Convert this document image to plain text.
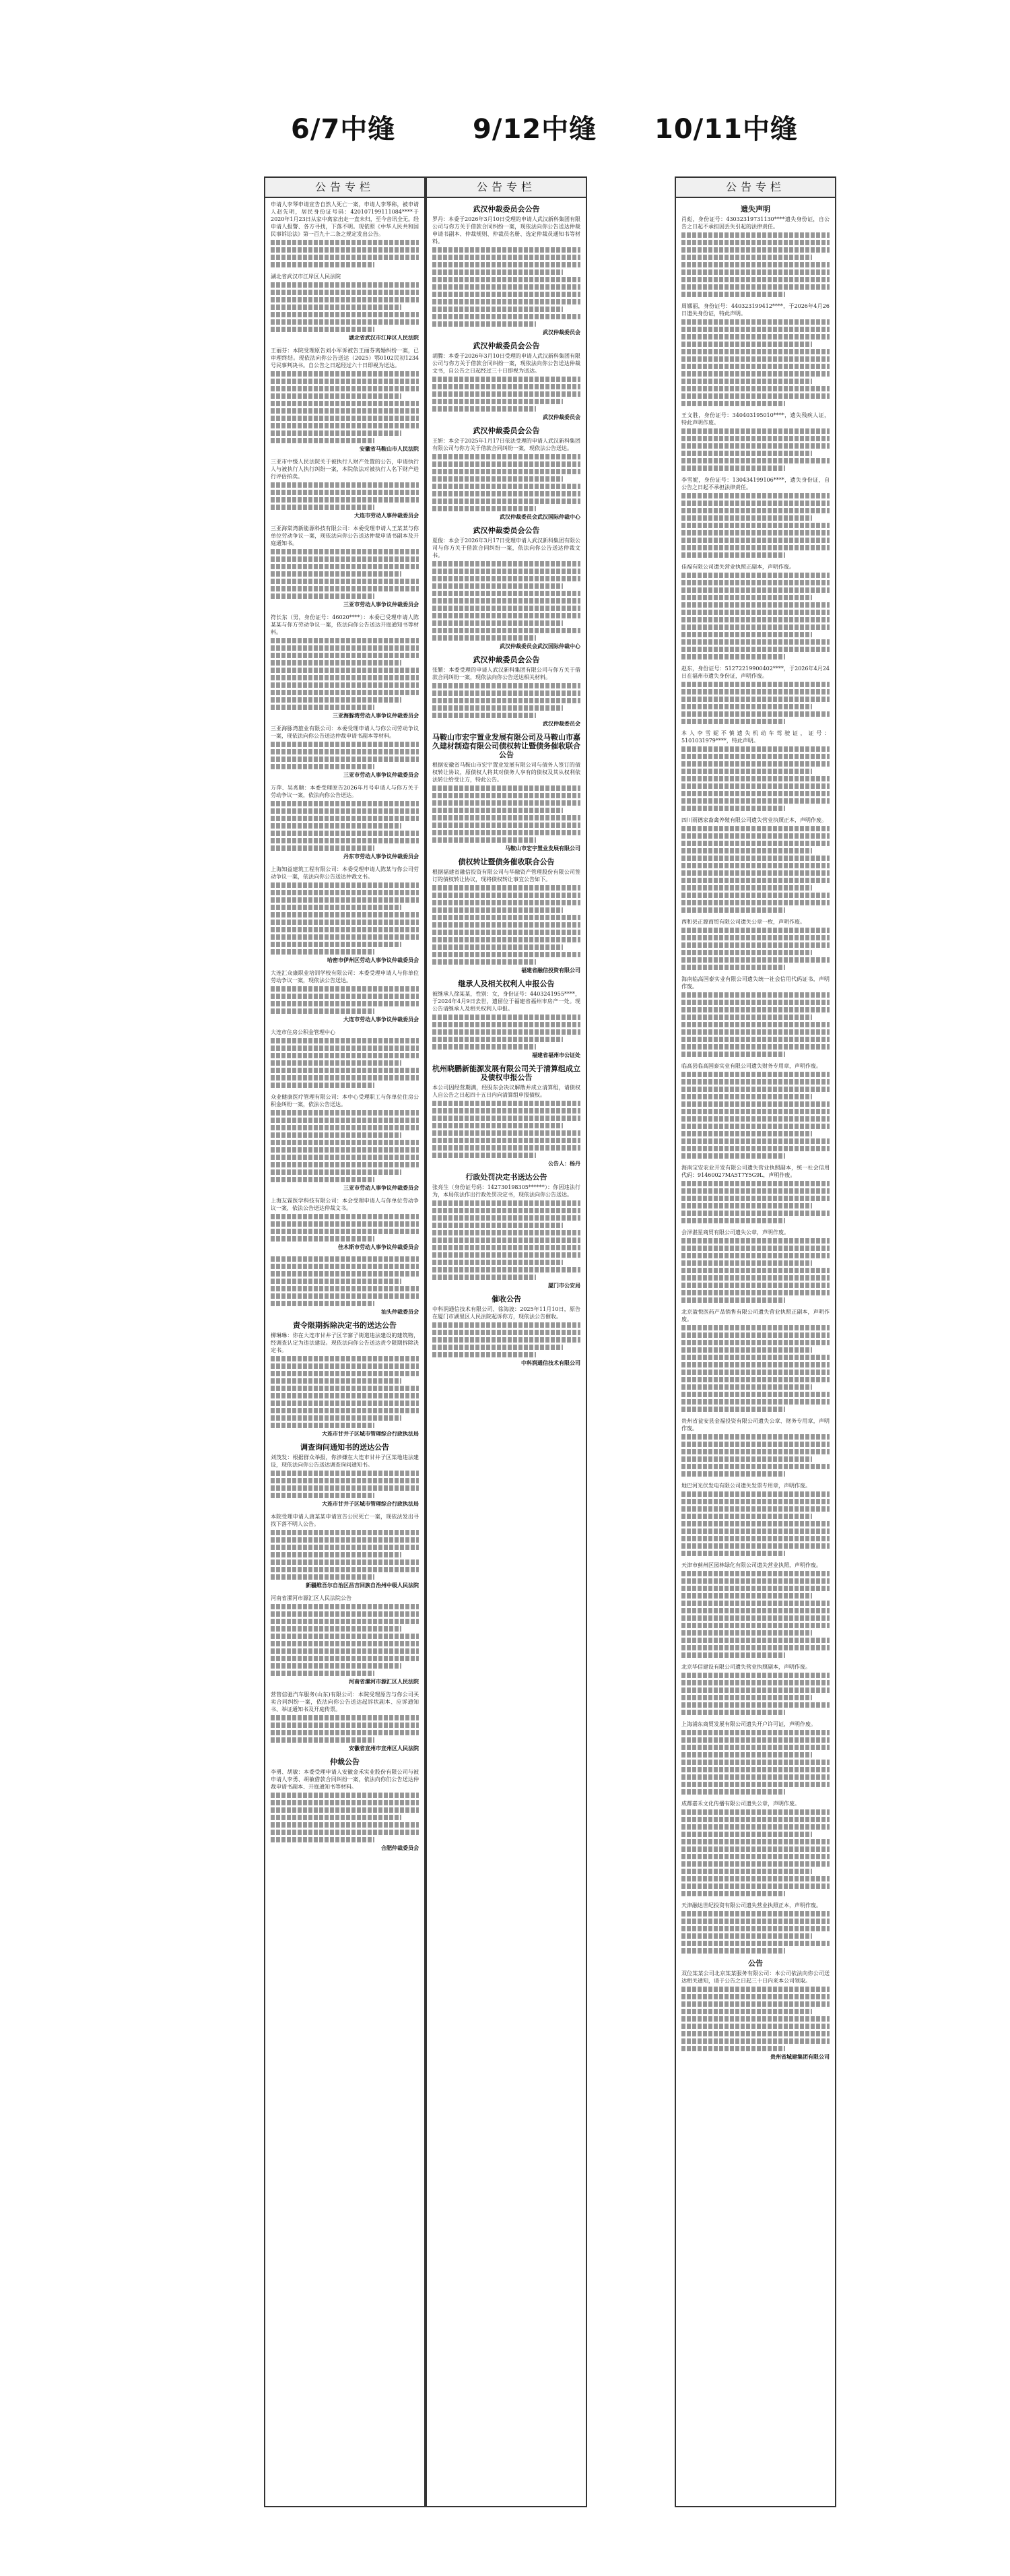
6/7中缝	9/12中缝 10/11中缝
公告专栏

申请人李琴申请宣告自然人死亡一案，申请人李琴称，被申请人赵先明，居民身份证号码：420107199111084****于2020年1月23日从家中离家出走一直未归，至今音讯全无。经申请人报警、各方寻找，下落不明。现依照《中华人民共和国民事诉讼法》第一百九十二条之规定发出公告。

湖北省武汉市江岸区人民法院

湖北省武汉市江岸区人民法院

王丽芬：本院受理原告刘小军诉被告王丽芬离婚纠纷一案，已审理终结。现依法向你公告送达（2025）鄂0102民初1234号民事判决书。自公告之日起经过六十日即视为送达。

安徽省马鞍山市人民法院

三亚市中级人民法院关于被执行人财产处置的公告，申请执行人与被执行人执行纠纷一案，本院依法对被执行人名下财产进行评估拍卖。

大连市劳动人事仲裁委员会

三亚海棠湾新能源科技有限公司：本委受理申请人王某某与你单位劳动争议一案，现依法向你公告送达仲裁申请书副本及开庭通知书。

三亚市劳动人事争议仲裁委员会

符长东（男，身份证号：46020****）：本委已受理申请人陈某某与你方劳动争议一案，依法向你公告送达开庭通知书等材料。

三亚海豚湾劳动人事争议仲裁委员会

三亚海豚湾旅业有限公司：本委受理申请人与你公司劳动争议一案，现依法向你公告送达仲裁申请书副本等材料。

三亚市劳动人事争议仲裁委员会

万萍、吴兆顺：本委受理原告2026年月号申请人与你方关于劳动争议一案，依法向你公告送达。

丹东市劳动人事争议仲裁委员会

上海知益建筑工程有限公司：本委受理申请人陈某与你公司劳动争议一案，依法向你公告送达仲裁文书。

哈密市伊州区劳动人事争议仲裁委员会

大连汇众康职业培训学校有限公司：本委受理申请人与你单位劳动争议一案，现依法公告送达。

大连市劳动人事争议仲裁委员会

大连市住房公积金管理中心

众业健康医疗管理有限公司：本中心受理职工与你单位住房公积金纠纷一案，依法公告送达。

三亚市劳动人事争议仲裁委员会

上海友霖医学科技有限公司：本会受理申请人与你单位劳动争议一案，依法公告送达仲裁文书。

佳木斯市劳动人事争议仲裁委员会
汕头仲裁委员会
责令限期拆除决定书的送达公告

柳琳琳：你在大连市甘井子区辛寨子街道违法建设的建筑物，经调查认定为违法建设。现依法向你公告送达责令限期拆除决定书。

大连市甘井子区城市管理综合行政执法局
调查询问通知书的送达公告

刘茂发：根据群众举报，你涉嫌在大连市甘井子区某地违法建设，现依法向你公告送达调查询问通知书。

大连市甘井子区城市管理综合行政执法局

本院受理申请人唐某某申请宣告公民死亡一案，现依法发出寻找下落不明人公告。

新疆维吾尔自治区昌吉回族自治州中级人民法院

河南省漯河市源汇区人民法院公告

河南省漯河市源汇区人民法院

营管信驰汽车服务(山东)有限公司：本院受理原告与你公司买卖合同纠纷一案，依法向你公告送达起诉状副本、应诉通知书、举证通知书及开庭传票。

安徽省宣州市宣州区人民法院
仲裁公告

李勇、胡敏：本委受理申请人安徽金禾实业股份有限公司与被申请人李勇、胡敏借款合同纠纷一案，依法向你们公告送达仲裁申请书副本、开庭通知书等材料。

合肥仲裁委员会
公告专栏
武汉仲裁委员会公告

罗丹：本委于2026年3月10日受理的申请人武汉新科集团有限公司与你方关于借款合同纠纷一案，现依法向你公告送达仲裁申请书副本、仲裁规则、仲裁员名册、选定仲裁员通知书等材料。

武汉仲裁委员会
武汉仲裁委员会公告

胡腾：本委于2026年3月10日受理的申请人武汉新科集团有限公司与你方关于借款合同纠纷一案，现依法向你公告送达仲裁文书，自公告之日起经过三十日即视为送达。

武汉仲裁委员会
武汉仲裁委员会公告

王妍：本会于2025年1月17日依法受理的申请人武汉新科集团有限公司与你方关于借款合同纠纷一案，现依法公告送达。

武汉仲裁委员会武汉国际仲裁中心
武汉仲裁委员会公告

夏俊：本会于2026年3月17日受理申请人武汉新科集团有限公司与你方关于借款合同纠纷一案，依法向你公告送达仲裁文书。

武汉仲裁委员会武汉国际仲裁中心
武汉仲裁委员会公告

张繁：本委受理的申请人武汉新科集团有限公司与你方关于借款合同纠纷一案，现依法向你公告送达相关材料。

武汉仲裁委员会
马鞍山市宏宇置业发展有限公司及马鞍山市嘉久建材制造有限公司债权转让暨债务催收联合公告

根据安徽省马鞍山市宏宇置业发展有限公司与债务人签订的债权转让协议，原债权人将其对债务人享有的债权及其从权利依法转让给受让方，特此公告。

马鞍山市宏宇置业发展有限公司
债权转让暨债务催收联合公告

根据福建省融信投资有限公司与华融资产管理股份有限公司签订的债权转让协议，现将债权转让事宜公告如下。

福建省融信投资有限公司
继承人及相关权利人申报公告

被继承人徐某某，性别：女，身份证号：4403241955****，于2024年4月9日去世，遗留位于福建省福州市房产一处。现公告请继承人及相关权利人申报。

福建省福州市公证处
杭州晓鹏新能源发展有限公司关于清算组成立及债权申报公告

本公司因经营期满，经股东会决议解散并成立清算组，请债权人自公告之日起四十五日内向清算组申报债权。

公告人：杨丹
行政处罚决定书送达公告

张亮生（身份证号码：142730198305******）：你因违法行为，本局依法作出行政处罚决定书，现依法向你公告送达。

厦门市公安局
催收公告

中科润通信技术有限公司、徐海波：2025年11月10日，原告在厦门市湖里区人民法院起诉你方，现依法公告催收。

中科润通信技术有限公司
公告专栏
遗失声明

肖彪，身份证号：43032319731130****遗失身份证，自公告之日起不承担因丢失引起的法律责任。

周娜丽，身份证号：440323199412****，于2026年4月26日遗失身份证，特此声明。

王文胜，身份证号：340403195010****，遗失残疾人证，特此声明作废。

李雪妮，身份证号：130434199106****，遗失身份证，自公告之日起不承担法律责任。

佳福有限公司遗失营业执照正副本，声明作废。

赵东，身份证号：51272219900402****，于2026年4月24日在福州市遗失身份证，声明作废。

本人李雪妮不慎遗失机动车驾驶证，证号：5101031979****，特此声明。

四川雨德家畜禽养殖有限公司遗失营业执照正本，声明作废。

西和县正源商贸有限公司遗失公章一枚，声明作废。

海南临高国泰实业有限公司遗失统一社会信用代码证书，声明作废。

临高县临高国泰实业有限公司遗失财务专用章，声明作废。

海南宝安农业开发有限公司遗失营业执照副本，统一社会信用代码：91460027MA5T7Y5G9L，声明作废。

会泽湛星商贸有限公司遗失公章，声明作废。

北京盈悦医药产品销售有限公司遗失营业执照正副本，声明作废。

贵州省瓮安县金福投资有限公司遗失公章、财务专用章，声明作废。

地巴河光伏发电有限公司遗失发票专用章，声明作废。

天津市蓟州区园林绿化有限公司遗失营业执照，声明作废。

北京华信建设有限公司遗失营业执照副本，声明作废。

上海浦东商贸发展有限公司遗失开户许可证，声明作废。

成都嘉禾文化传播有限公司遗失公章，声明作废。

天津融达世纪投资有限公司遗失营业执照正本，声明作废。

公告

双位某某公司北京某某服务有限公司：本公司依法向你公司送达相关通知，请于公告之日起三十日内来本公司领取。

贵州省城建集团有限公司
